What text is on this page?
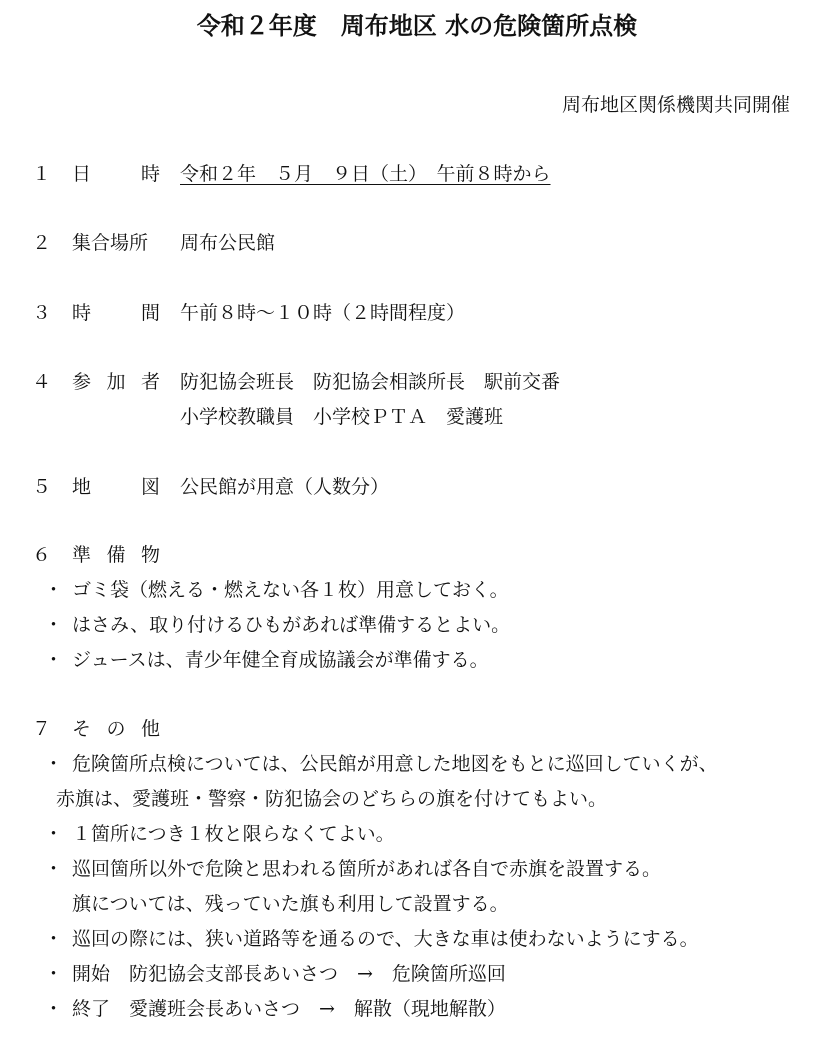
令和２年度　周布地区 水の危険箇所点検
周布地区関係機関共同開催
１ 日	時 令和２年　５月　９日（土）　午前８時から
２ 集合場所 周布公民館
３ 時	間 午前８時～１０時（２時間程度）
４ 参 加 者 防犯協会班長　防犯協会相談所長　駅前交番
小学校教職員　小学校ＰＴＡ　愛護班
５ 地	図 公民館が用意（人数分）
６ 準 備 物
・ ゴミ袋（燃える・燃えない各１枚）用意しておく。
・ はさみ、取り付けるひもがあれば準備するとよい。
・ ジュースは、青少年健全育成協議会が準備する。
７ そ の 他
・ 危険箇所点検については、公民館が用意した地図をもとに巡回していくが、
赤旗は、愛護班・警察・防犯協会のどちらの旗を付けてもよい。
・ １箇所につき１枚と限らなくてよい。
・ 巡回箇所以外で危険と思われる箇所があれば各自で赤旗を設置する。
旗については、残っていた旗も利用して設置する。
・ 巡回の際には、狭い道路等を通るので、大きな車は使わないようにする。
・ 開始　防犯協会支部長あいさつ　→　危険箇所巡回
・ 終了　愛護班会長あいさつ　→　解散（現地解散）
